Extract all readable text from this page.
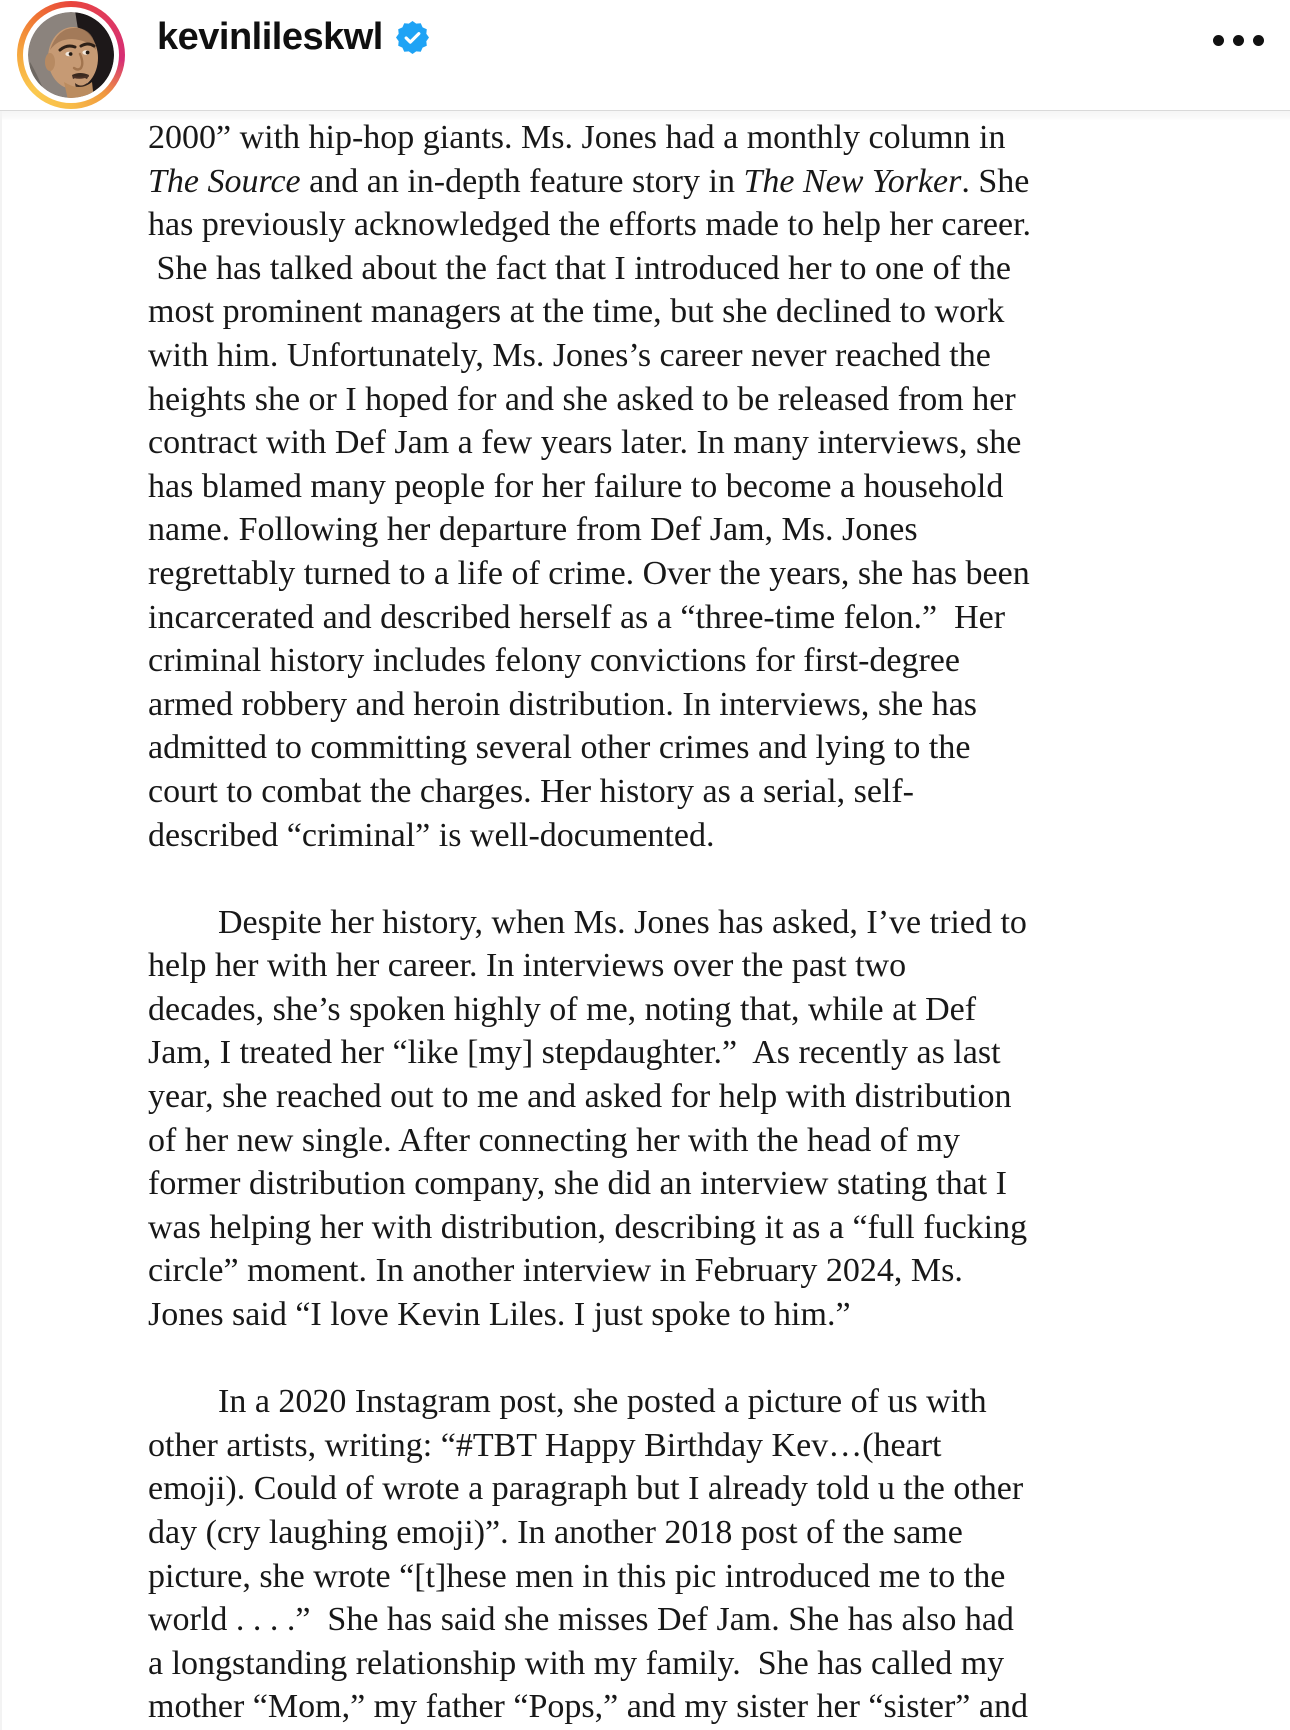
kevinlileskwl
2000” with hip-hop giants. Ms. Jones had a monthly column in
The Source and an in-depth feature story in The New Yorker. She
has previously acknowledged the efforts made to help her career.
She has talked about the fact that I introduced her to one of the
most prominent managers at the time, but she declined to work
with him. Unfortunately, Ms. Jones’s career never reached the
heights she or I hoped for and she asked to be released from her
contract with Def Jam a few years later. In many interviews, she
has blamed many people for her failure to become a household
name. Following her departure from Def Jam, Ms. Jones
regrettably turned to a life of crime. Over the years, she has been
incarcerated and described herself as a “three-time felon.”  Her
criminal history includes felony convictions for first-degree
armed robbery and heroin distribution. In interviews, she has
admitted to committing several other crimes and lying to the
court to combat the charges. Her history as a serial, self-
described “criminal” is well-documented.
Despite her history, when Ms. Jones has asked, I’ve tried to
help her with her career. In interviews over the past two
decades, she’s spoken highly of me, noting that, while at Def
Jam, I treated her “like [my] stepdaughter.”  As recently as last
year, she reached out to me and asked for help with distribution
of her new single. After connecting her with the head of my
former distribution company, she did an interview stating that I
was helping her with distribution, describing it as a “full fucking
circle” moment. In another interview in February 2024, Ms.
Jones said “I love Kevin Liles. I just spoke to him.”
In a 2020 Instagram post, she posted a picture of us with
other artists, writing: “#TBT Happy Birthday Kev…(heart
emoji). Could of wrote a paragraph but I already told u the other
day (cry laughing emoji)”. In another 2018 post of the same
picture, she wrote “[t]hese men in this pic introduced me to the
world . . . .”  She has said she misses Def Jam. She has also had
a longstanding relationship with my family.  She has called my
mother “Mom,” my father “Pops,” and my sister her “sister” and
